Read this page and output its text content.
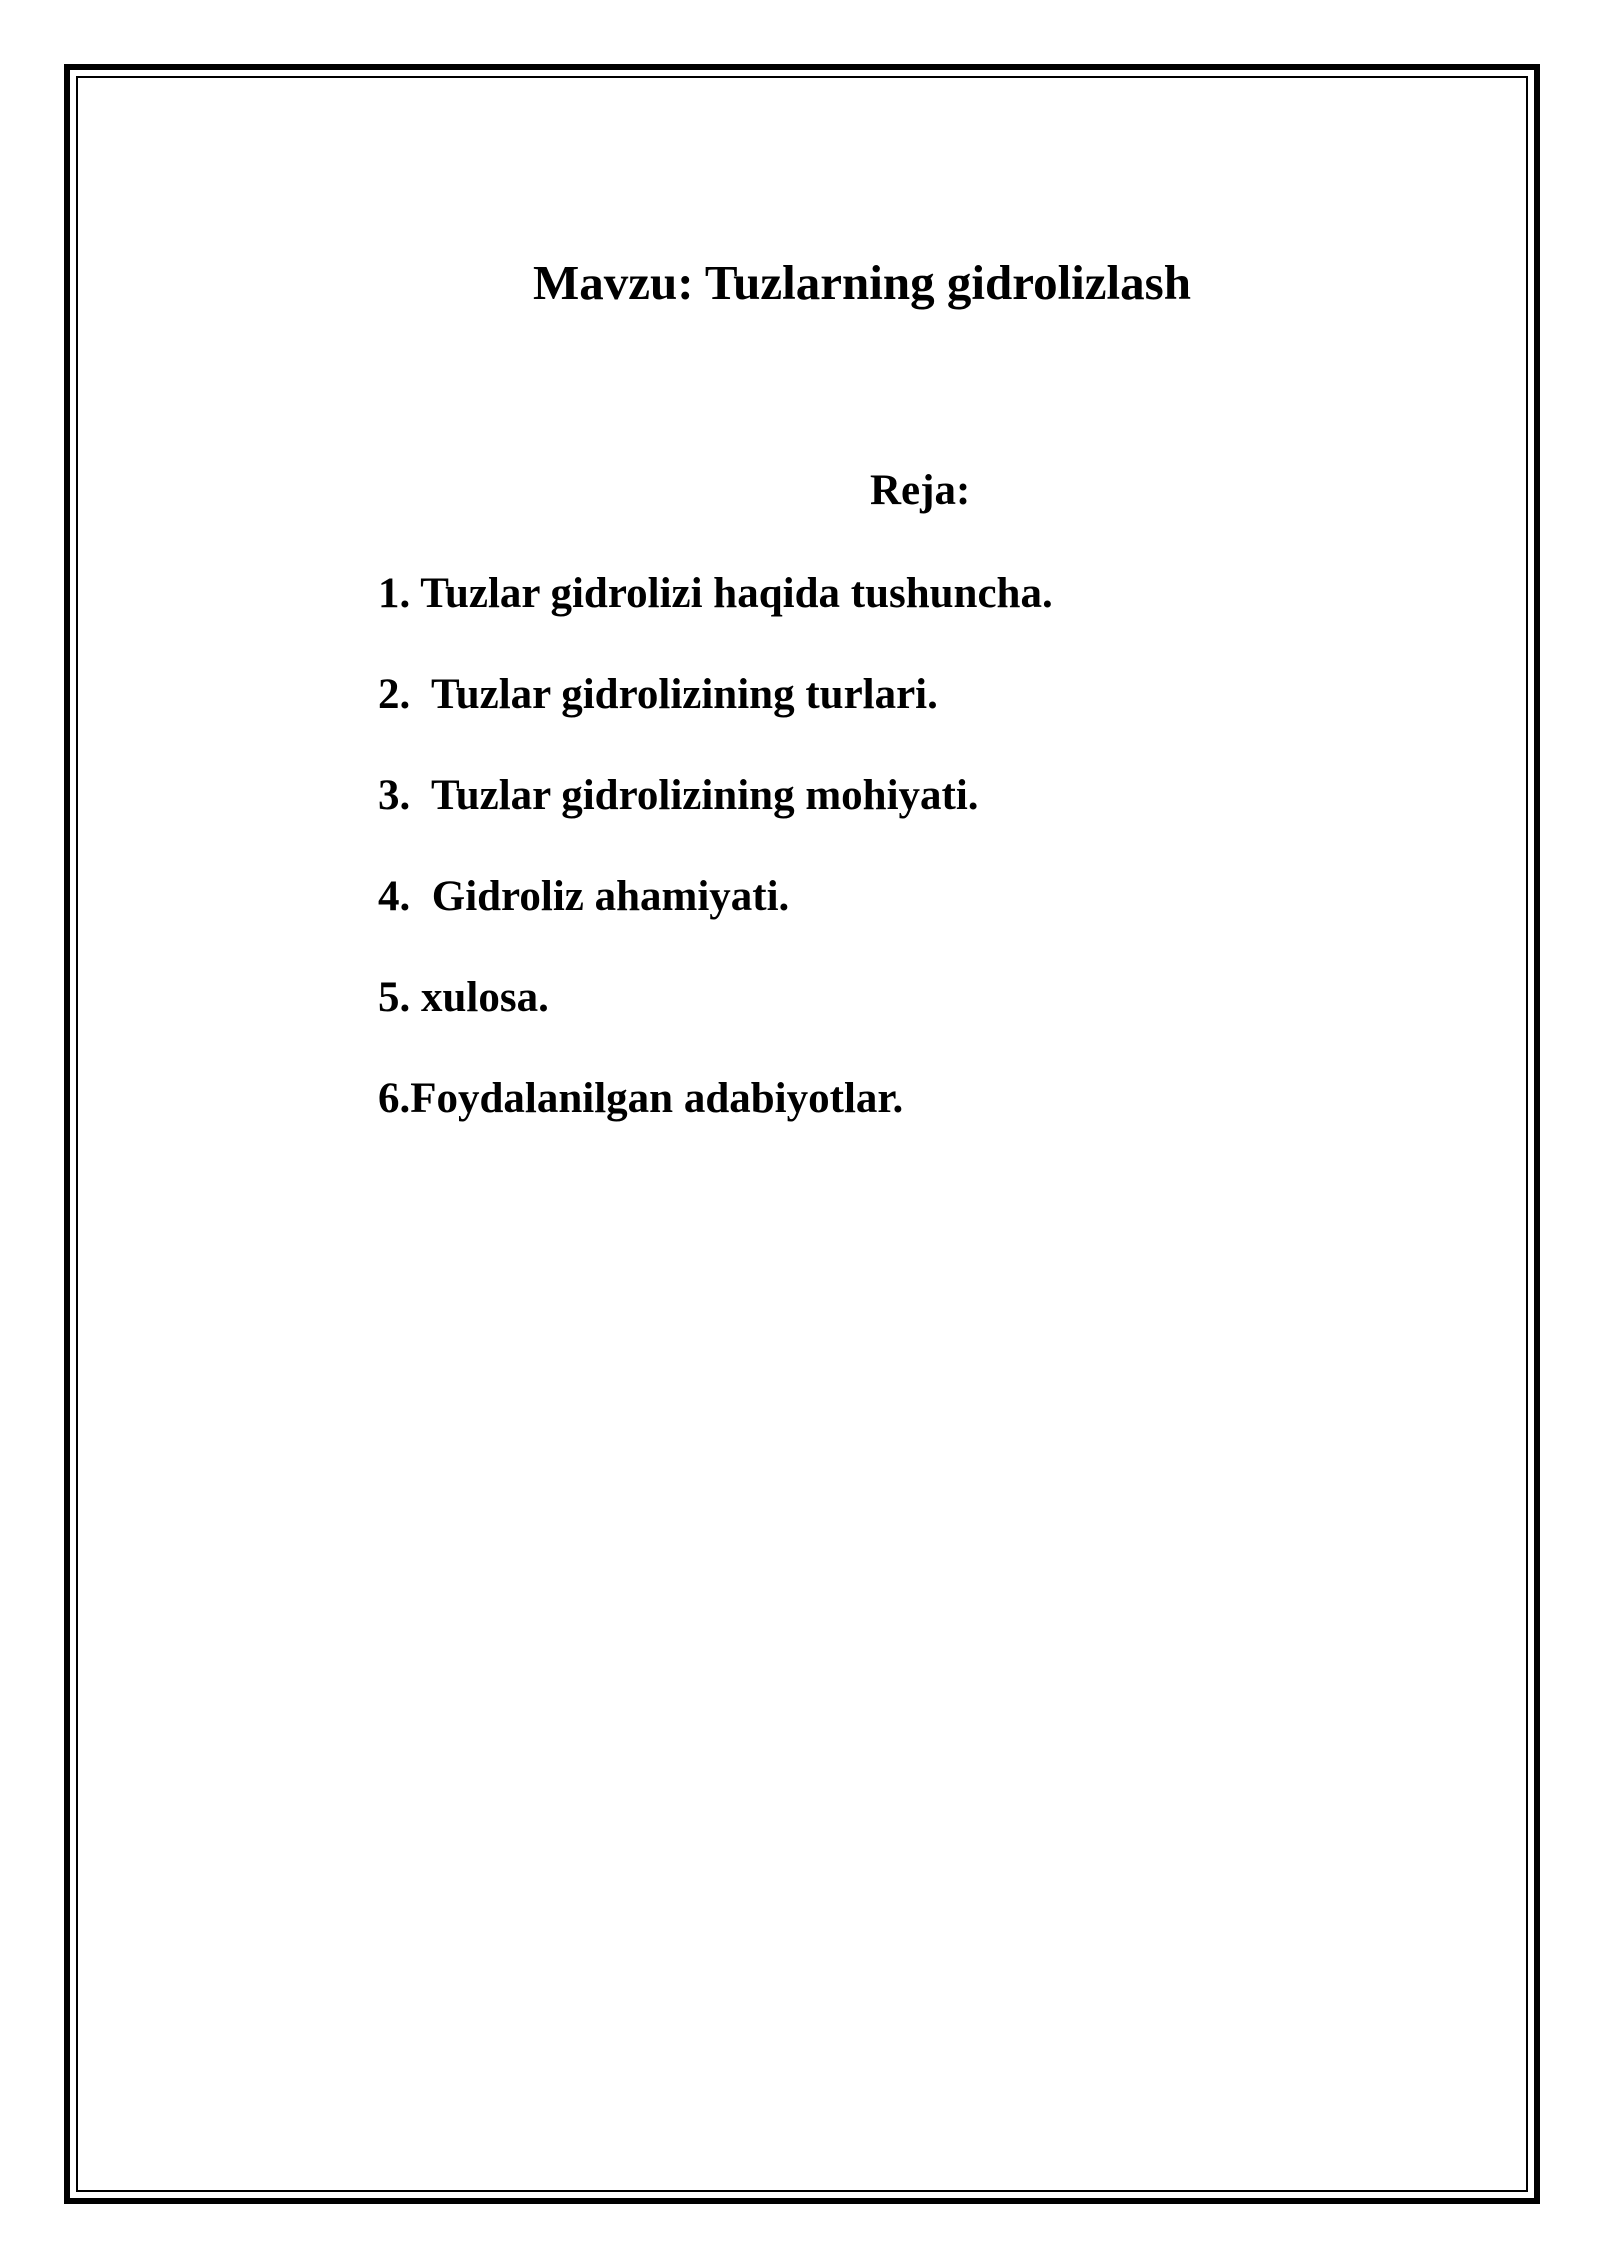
Mavzu: Tuzlarning gidrolizlash
Reja:
1. Tuzlar gidrolizi haqida tushuncha.
2.  Tuzlar gidrolizining turlari.
3.  Tuzlar gidrolizining mohiyati.
4.  Gidroliz ahamiyati.
5. xulosa.
6.Foydalanilgan adabiyotlar.
